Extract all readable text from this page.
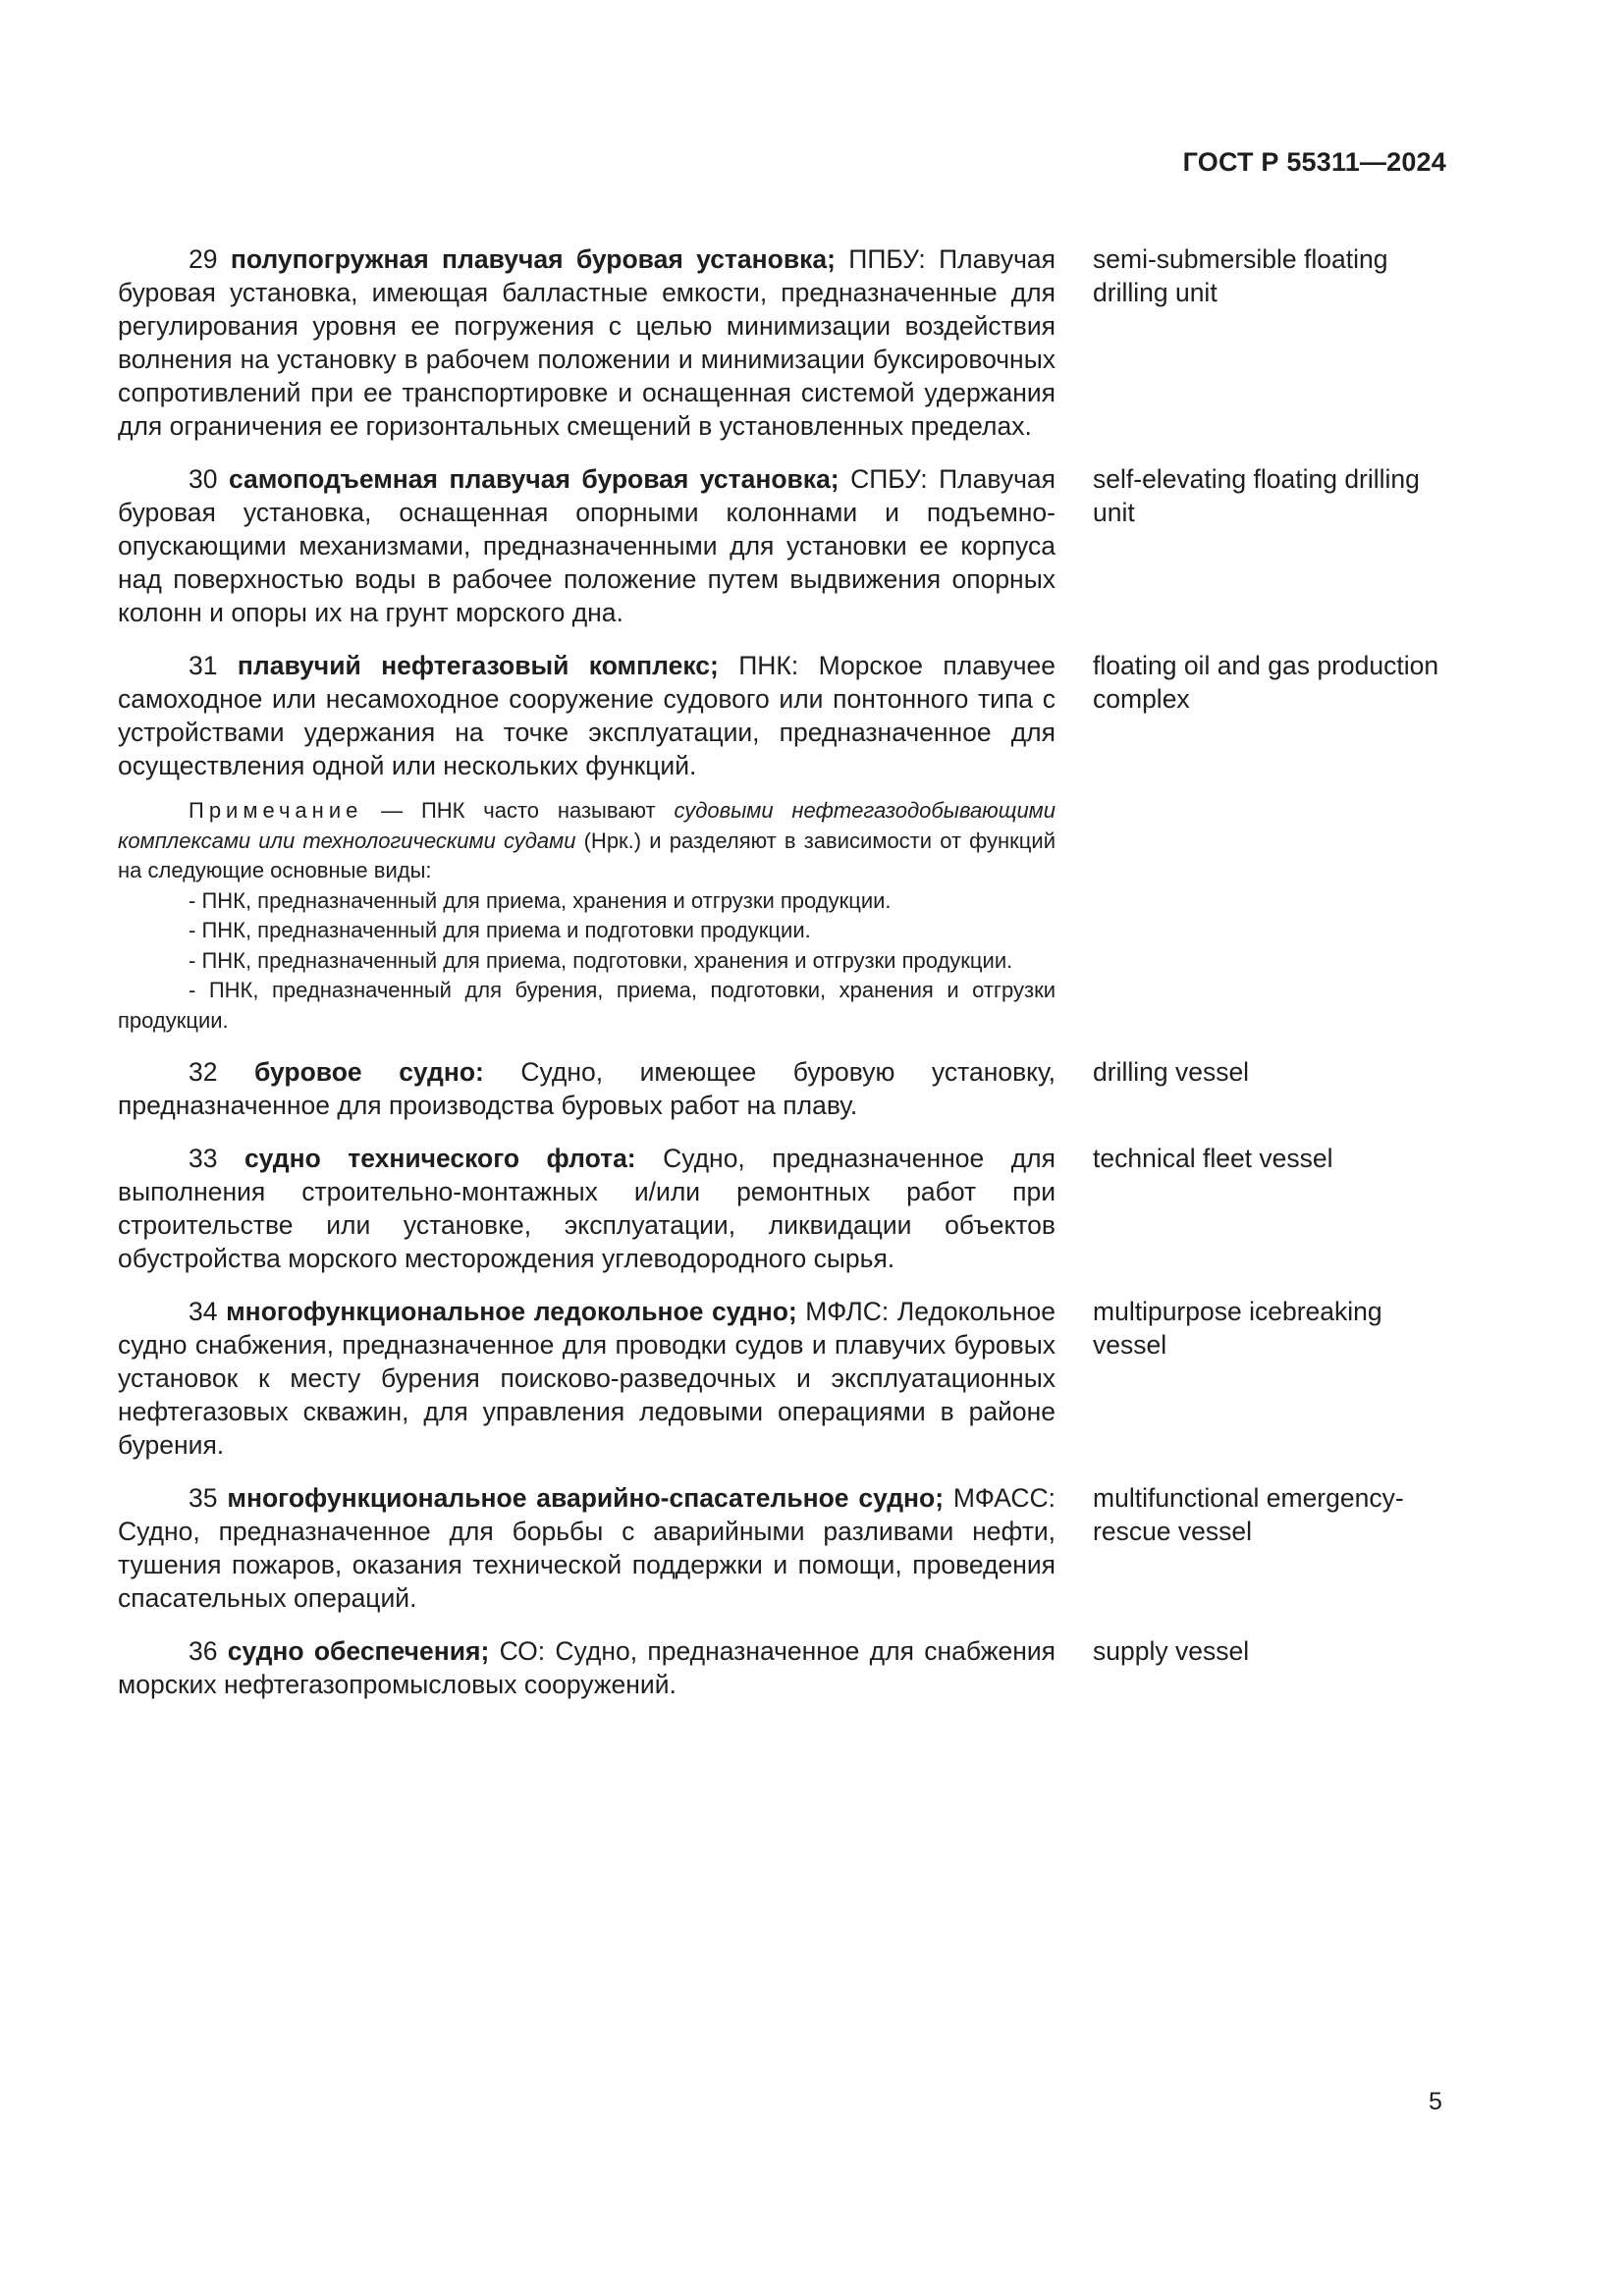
ГОСТ Р 55311—2024

29 полупогружная плавучая буровая установка; ППБУ: Плавучая буровая установка, имеющая балластные емкости, предназначенные для регулирования уровня ее погружения с целью минимизации воздействия волнения на установку в рабочем положении и минимизации буксировочных сопротивлений при ее транспортировке и оснащенная системой удержания для ограничения ее горизонтальных смещений в установленных пределах.

semi-submersible floating drilling unit

30 самоподъемная плавучая буровая установка; СПБУ: Плавучая буровая установка, оснащенная опорными колоннами и подъемно-опускающими механизмами, предназначенными для установки ее корпуса над поверхностью воды в рабочее положение путем выдвижения опорных колонн и опоры их на грунт морского дна.

self-elevating floating drilling unit

31 плавучий нефтегазовый комплекс; ПНК: Морское плавучее самоходное или несамоходное сооружение судового или понтонного типа с устройствами удержания на точке эксплуатации, предназначенное для осуществления одной или нескольких функций.

floating oil and gas production complex

Примечание — ПНК часто называют судовыми нефтегазодобывающими комплексами или технологическими судами (Нрк.) и разделяют в зависимости от функций на следующие основные виды:

- ПНК, предназначенный для приема, хранения и отгрузки продукции.

- ПНК, предназначенный для приема и подготовки продукции.

- ПНК, предназначенный для приема, подготовки, хранения и отгрузки продукции.

- ПНК, предназначенный для бурения, приема, подготовки, хранения и отгрузки продукции.

32 буровое судно: Судно, имеющее буровую установку, предназначенное для производства буровых работ на плаву.

drilling vessel

33 судно технического флота: Судно, предназначенное для выполнения строительно-монтажных и/или ремонтных работ при строительстве или установке, эксплуатации, ликвидации объектов обустройства морского месторождения углеводородного сырья.

technical fleet vessel

34 многофункциональное ледокольное судно; МФЛС: Ледокольное судно снабжения, предназначенное для проводки судов и плавучих буровых установок к месту бурения поисково-разведочных и эксплуатационных нефтегазовых скважин, для управления ледовыми операциями в районе бурения.

multipurpose icebreaking vessel

35 многофункциональное аварийно-спасательное судно; МФАСС: Судно, предназначенное для борьбы с аварийными разливами нефти, тушения пожаров, оказания технической поддержки и помощи, проведения спасательных операций.

multifunctional emergency-rescue vessel

36 судно обеспечения; СО: Судно, предназначенное для снабжения морских нефтегазопромысловых сооружений.

supply vessel
5
